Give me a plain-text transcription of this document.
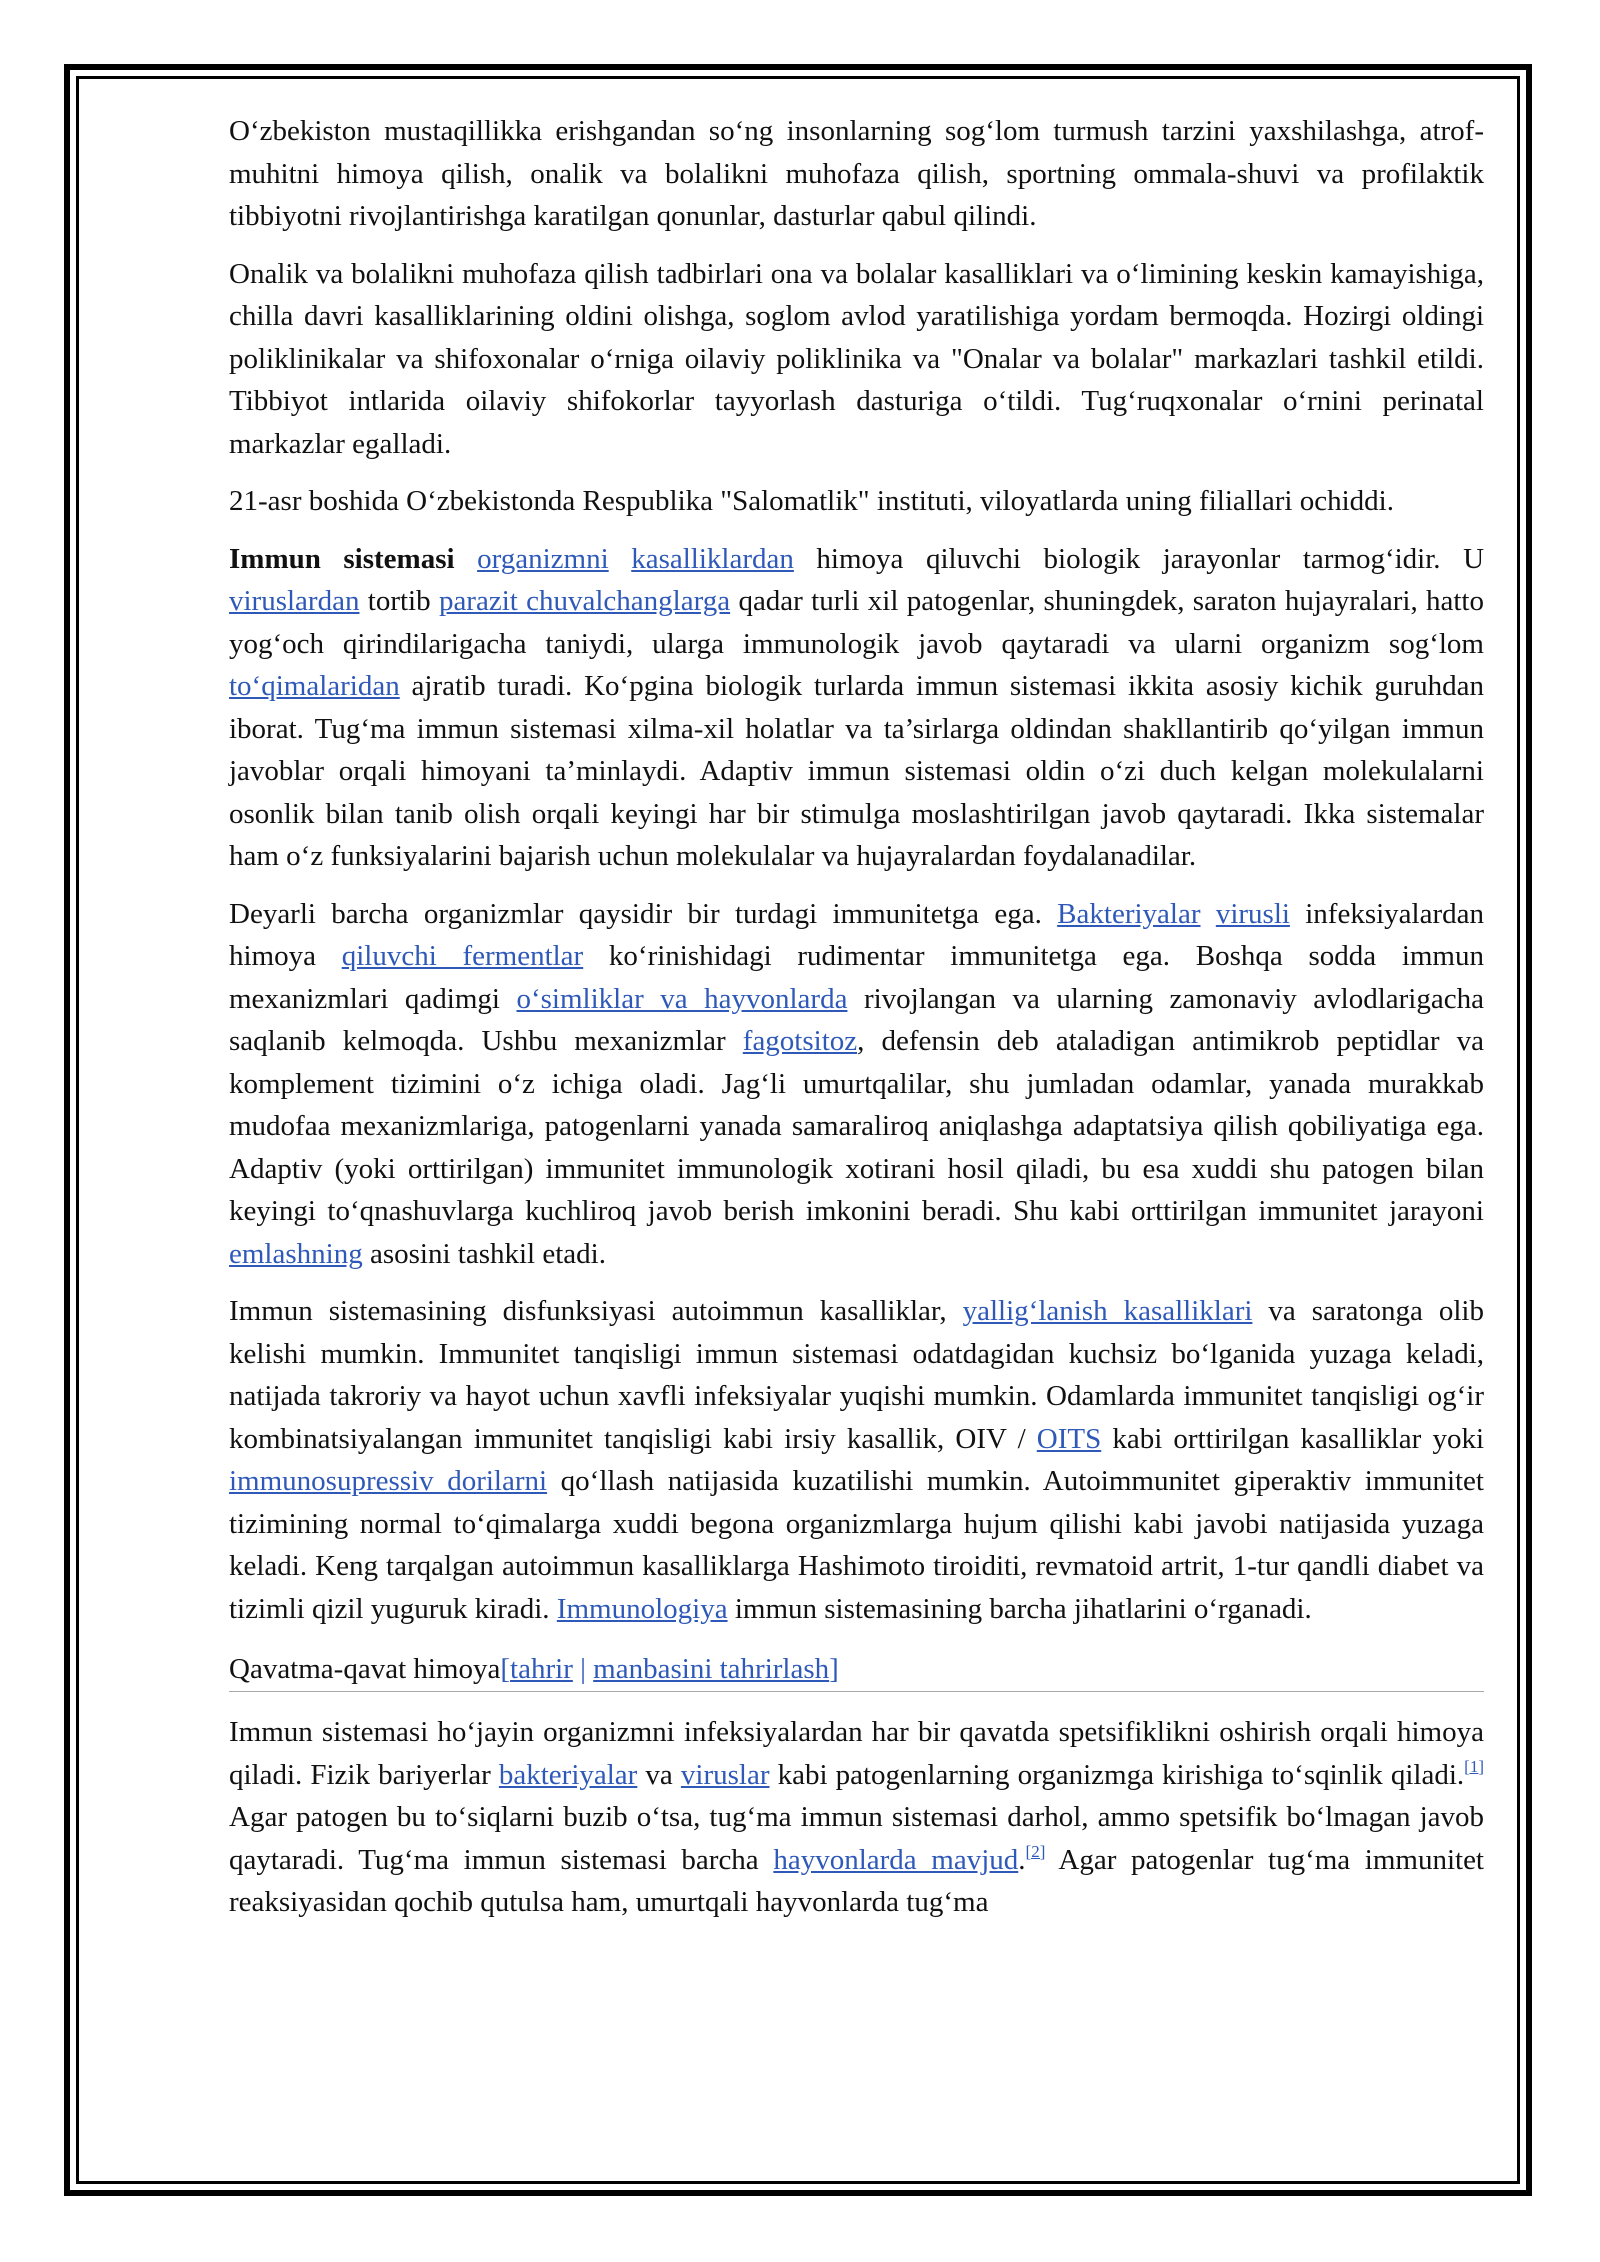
O‘zbekiston mustaqillikka erishgandan so‘ng insonlarning sog‘lom turmush tarzini yaxshilashga, atrof-muhitni himoya qilish, onalik va bolalikni muhofaza qilish, sportning ommala-shuvi va profilaktik tibbiyotni rivojlantirishga karatilgan qonunlar, dasturlar qabul qilindi.

Onalik va bolalikni muhofaza qilish tadbirlari ona va bolalar kasalliklari va o‘limining keskin kamayishiga, chilla davri kasalliklarining oldini olishga, soglom avlod yaratilishiga yordam bermoqda. Hozirgi oldingi poliklinikalar va shifoxonalar o‘rniga oilaviy poliklinika va "Onalar va bolalar" markazlari tashkil etildi. Tibbiyot intlarida oilaviy shifokorlar tayyorlash dasturiga o‘tildi. Tug‘ruqxonalar o‘rnini perinatal markazlar egalladi.

21-asr boshida O‘zbekistonda Respublika "Salomatlik" instituti, viloyatlarda uning filiallari ochiddi.

Immun sistemasi organizmni kasalliklardan himoya qiluvchi biologik jarayonlar tarmog‘idir. U viruslardan tortib parazit chuvalchanglarga qadar turli xil patogenlar, shuningdek, saraton hujayralari, hatto yog‘och qirindilarigacha taniydi, ularga immunologik javob qaytaradi va ularni organizm sog‘lom to‘qimalaridan ajratib turadi. Ko‘pgina biologik turlarda immun sistemasi ikkita asosiy kichik guruhdan iborat. Tug‘ma immun sistemasi xilma-xil holatlar va ta’sirlarga oldindan shakllantirib qo‘yilgan immun javoblar orqali himoyani ta’minlaydi. Adaptiv immun sistemasi oldin o‘zi duch kelgan molekulalarni osonlik bilan tanib olish orqali keyingi har bir stimulga moslashtirilgan javob qaytaradi. Ikka sistemalar ham o‘z funksiyalarini bajarish uchun molekulalar va hujayralardan foydalanadilar.

Deyarli barcha organizmlar qaysidir bir turdagi immunitetga ega. Bakteriyalar virusli infeksiyalardan himoya qiluvchi fermentlar ko‘rinishidagi rudimentar immunitetga ega. Boshqa sodda immun mexanizmlari qadimgi o‘simliklar va hayvonlarda rivojlangan va ularning zamonaviy avlodlarigacha saqlanib kelmoqda. Ushbu mexanizmlar fagotsitoz, defensin deb ataladigan antimikrob peptidlar va komplement tizimini o‘z ichiga oladi. Jag‘li umurtqalilar, shu jumladan odamlar, yanada murakkab mudofaa mexanizmlariga, patogenlarni yanada samaraliroq aniqlashga adaptatsiya qilish qobiliyatiga ega. Adaptiv (yoki orttirilgan) immunitet immunologik xotirani hosil qiladi, bu esa xuddi shu patogen bilan keyingi to‘qnashuvlarga kuchliroq javob berish imkonini beradi. Shu kabi orttirilgan immunitet jarayoni emlashning asosini tashkil etadi.

Immun sistemasining disfunksiyasi autoimmun kasalliklar, yallig‘lanish kasalliklari va saratonga olib kelishi mumkin. Immunitet tanqisligi immun sistemasi odatdagidan kuchsiz bo‘lganida yuzaga keladi, natijada takroriy va hayot uchun xavfli infeksiyalar yuqishi mumkin. Odamlarda immunitet tanqisligi og‘ir kombinatsiyalangan immunitet tanqisligi kabi irsiy kasallik, OIV / OITS kabi orttirilgan kasalliklar yoki immunosupressiv dorilarni qo‘llash natijasida kuzatilishi mumkin. Autoimmunitet giperaktiv immunitet tizimining normal to‘qimalarga xuddi begona organizmlarga hujum qilishi kabi javobi natijasida yuzaga keladi. Keng tarqalgan autoimmun kasalliklarga Hashimoto tiroiditi, revmatoid artrit, 1-tur qandli diabet va tizimli qizil yuguruk kiradi. Immunologiya immun sistemasining barcha jihatlarini o‘rganadi.

Qavatma-qavat himoya[tahrir | manbasini tahrirlash]

Immun sistemasi ho‘jayin organizmni infeksiyalardan har bir qavatda spetsifiklikni oshirish orqali himoya qiladi. Fizik bariyerlar bakteriyalar va viruslar kabi patogenlarning organizmga kirishiga to‘sqinlik qiladi.[1] Agar patogen bu to‘siqlarni buzib o‘tsa, tug‘ma immun sistemasi darhol, ammo spetsifik bo‘lmagan javob qaytaradi. Tug‘ma immun sistemasi barcha hayvonlarda mavjud.[2] Agar patogenlar tug‘ma immunitet reaksiyasidan qochib qutulsa ham, umurtqali hayvonlarda tug‘ma
